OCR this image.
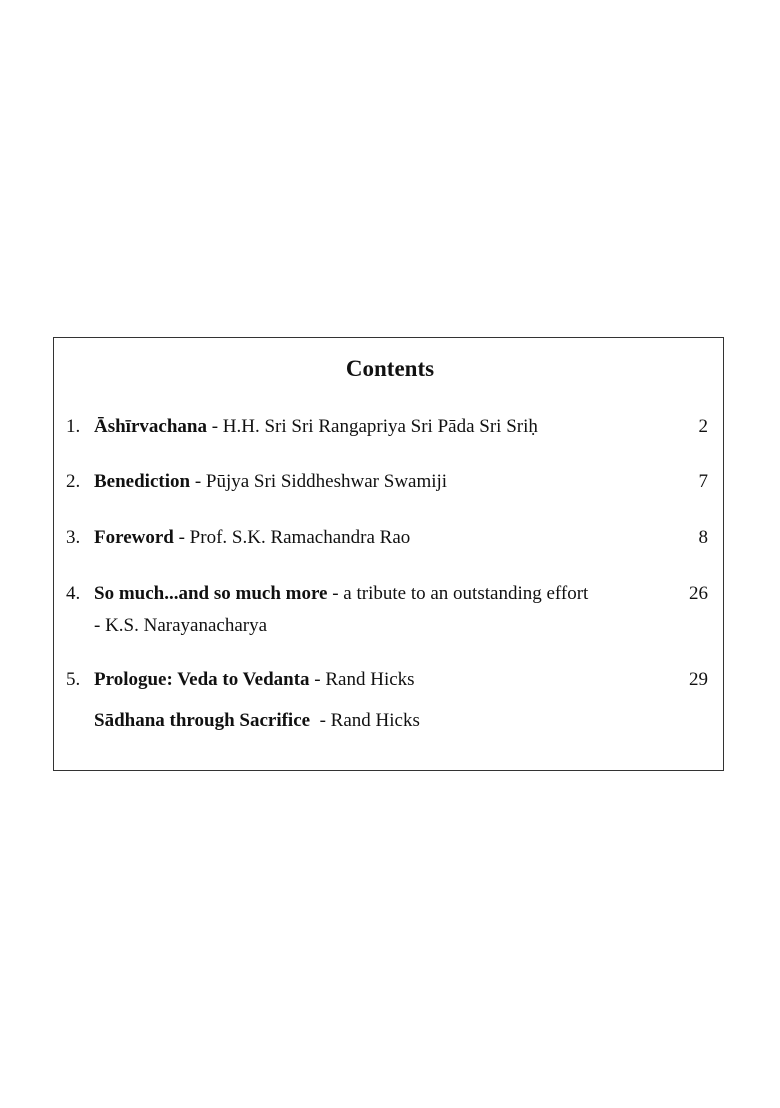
Contents
1. Āshīrvachana - H.H. Sri Sri Rangapriya Sri Pāda Sri Sriḥ	2
2. Benediction - Pūjya Sri Siddheshwar Swamiji	7
3. Foreword - Prof. S.K. Ramachandra Rao	8
4. So much...and so much more - a tribute to an outstanding effort	26
- K.S. Narayanacharya
5. Prologue: Veda to Vedanta - Rand Hicks	29
Sādhana through Sacrifice  - Rand Hicks
